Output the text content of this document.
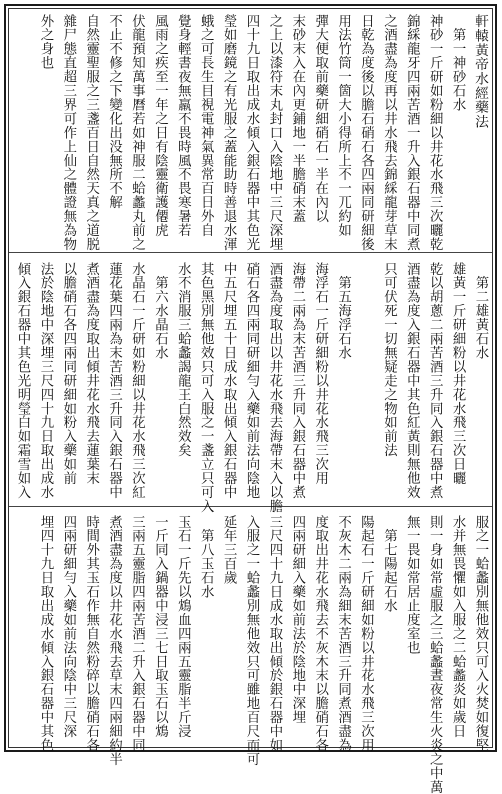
軒轅黃帝水經藥法
　第一神砂石水
神砂一斤研如粉細以井花水飛三次曬乾
錦綵龍牙四兩苦酒一升入銀石器中同煮
之酒盡為度再以井水飛去錦綵龍芽草末
日乾為度後以膽石硝石各四兩同研細後
用法竹筒一箇大小得所上不一兀約如
彈大便取前藥研細硝石一半在內以
末砂末入在內更鋪地一半膽硝末蓋
之上以漆符末丸封口入陰地中三尺深埋
四十九日取出成水傾入銀石器中其色光
瑩如磨鏡之有光服之蓋能助時善退水渾
蛾之可長生目視電神氣異常百日外自
覺身輕書夜無羸不畏時風不畏寒暑若
風雨之疾至一年之日有陰靈衛護僊虎
伏龍預知萬事曆若如神服二蛤蠡丸前之
不止不修之下變化出没無所不解
自然靈聖服之三盞百日自然天真之道脱
雜尸態直超三界可作上仙之體證無為物
外之身也
　第二雄黃石水
雄黃一斤研細粉以井花水飛三次日曬
乾以胡蔥二兩苦酒三升同入銀石器中煮
酒盡為度入銀石器中其色紅黃則無他效
只可伏死一切無疑走之物如前法
　第五海浮石水
海浮石一斤研細粉以井花水飛三次用
海帶二兩為末苦酒三升同入銀石器中煮
酒盡為度取出以井花水飛去海帶末入以膽
硝石各四兩同研細勻入藥如前法向陰地
中五尺埋五十日成水取出傾入銀石器中
其色黑別無他效只可入服之一盞立只可入
水不消服三蛤蠡謁龍王白然效矣
　第六水晶石水
水晶石一斤研如粉細以井花水飛三次紅
蓮花葉四兩為末苦酒三升同入銀石器中
煮酒盡為度取出傾井花水飛去蓮葉末
以膽硝石各四兩同研細如粉入藥如前
法於陰地中深埋三尺四十九日取出成水
傾入銀石器中其色光明瑩白如霜雪如入
服之一蛤蠡別無他效只可入火焚如復堅
水并無畏懼如入服之二蛤蠡炎如歲日
則一身如常虛服之三蛤蠡晝夜常生火炎之中萬
無一畏如常居止度室也
　第七陽起石水
陽起石一斤研細如粉以井花水飛三次用
不灰木二兩為細末苦酒三升同煮酒盡為
度取出井花水飛去不灰木末以膽硝石各
四兩研細入藥如前法於陰地中深埋
三尺四十九日成水取出傾於銀石器中如
入服之一蛤蠡別無他效只可雖地百尺而可
延年三百歲
　第八玉石水
玉石一斤先以鴆血四兩五靈脂半斤浸
一斤同入鍋器中浸三七日取玉石以鴆
三兩五靈脂四兩苦酒二升入銀石器中同
煮酒盡為度以井花水飛去草末四兩細約半
時間外其玉石作無自然粉碎以膽硝石各
四兩研細勻入藥如前法向陰中三尺深
埋四十九日取出成水傾入銀石器中其色
